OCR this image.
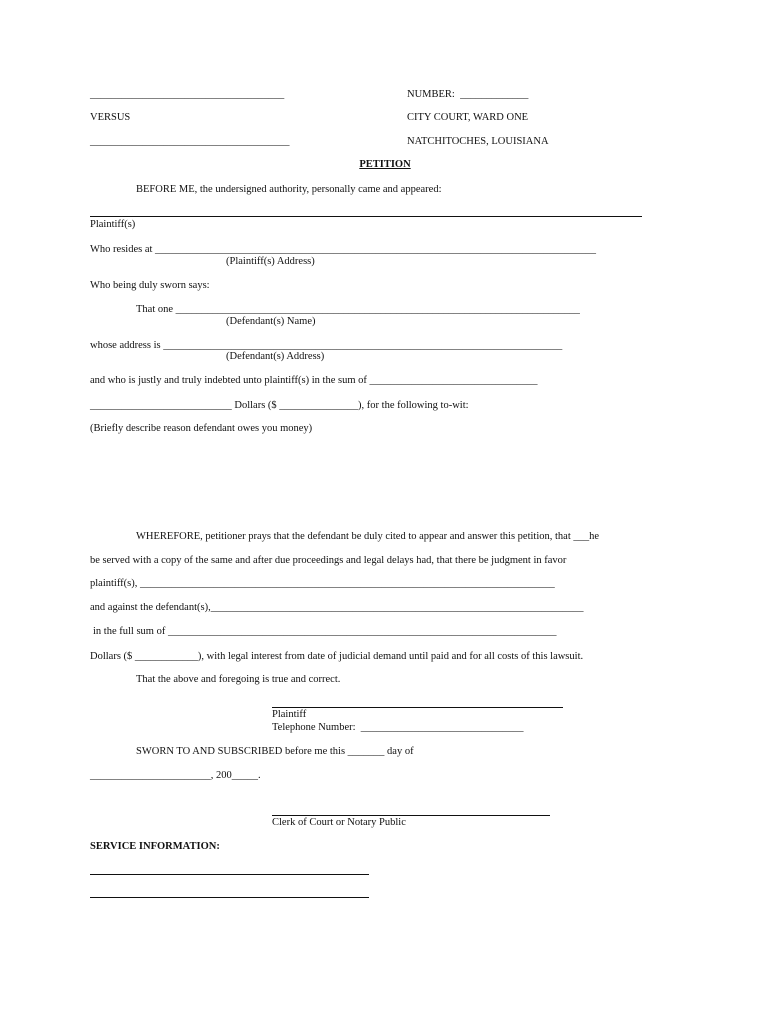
_____________________________________	NUMBER:  _____________
VERSUS	CITY COURT, WARD ONE
______________________________________	NATCHITOCHES, LOUISIANA
PETITION
BEFORE ME, the undersigned authority, personally came and appeared:
Plaintiff(s)
Who resides at ____________________________________________________________________________________
(Plaintiff(s) Address)
Who being duly sworn says:
That one _____________________________________________________________________________
(Defendant(s) Name)
whose address is ____________________________________________________________________________
(Defendant(s) Address)
and who is justly and truly indebted unto plaintiff(s) in the sum of ________________________________
___________________________ Dollars ($ _______________), for the following to-wit:
(Briefly describe reason defendant owes you money)
WHEREFORE, petitioner prays that the defendant be duly cited to appear and answer this petition, that ___he
be served with a copy of the same and after due proceedings and legal delays had, that there be judgment in favor
plaintiff(s), _______________________________________________________________________________
and against the defendant(s),_______________________________________________________________________
in the full sum of __________________________________________________________________________
Dollars ($ ____________), with legal interest from date of judicial demand until paid and for all costs of this lawsuit.
That the above and foregoing is true and correct.
Plaintiff
Telephone Number:  _______________________________
SWORN TO AND SUBSCRIBED before me this _______ day of
_______________________, 200_____.
Clerk of Court or Notary Public
SERVICE INFORMATION:
